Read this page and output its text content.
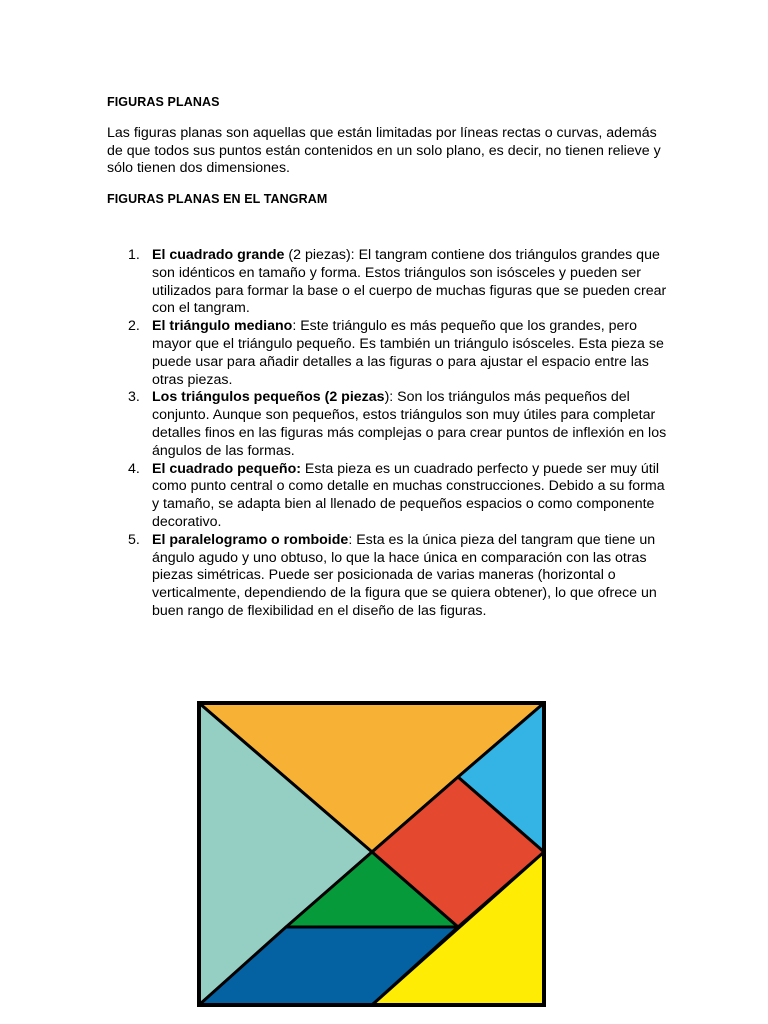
FIGURAS PLANAS

Las figuras planas son aquellas que están limitadas por líneas rectas o curvas, además de que todos sus puntos están contenidos en un solo plano, es decir, no tienen relieve y sólo tienen dos dimensiones.

FIGURAS PLANAS EN EL TANGRAM
1. El cuadrado grande (2 piezas): El tangram contiene dos triángulos grandes que son idénticos en tamaño y forma. Estos triángulos son isósceles y pueden ser utilizados para formar la base o el cuerpo de muchas figuras que se pueden crear con el tangram.
2. El triángulo mediano: Este triángulo es más pequeño que los grandes, pero mayor que el triángulo pequeño. Es también un triángulo isósceles. Esta pieza se puede usar para añadir detalles a las figuras o para ajustar el espacio entre las otras piezas.
3. Los triángulos pequeños (2 piezas): Son los triángulos más pequeños del conjunto. Aunque son pequeños, estos triángulos son muy útiles para completar detalles finos en las figuras más complejas o para crear puntos de inflexión en los ángulos de las formas.
4. El cuadrado pequeño: Esta pieza es un cuadrado perfecto y puede ser muy útil como punto central o como detalle en muchas construcciones. Debido a su forma y tamaño, se adapta bien al llenado de pequeños espacios o como componente decorativo.
5. El paralelogramo o romboide: Esta es la única pieza del tangram que tiene un ángulo agudo y uno obtuso, lo que la hace única en comparación con las otras piezas simétricas. Puede ser posicionada de varias maneras (horizontal o verticalmente, dependiendo de la figura que se quiera obtener), lo que ofrece un buen rango de flexibilidad en el diseño de las figuras.
